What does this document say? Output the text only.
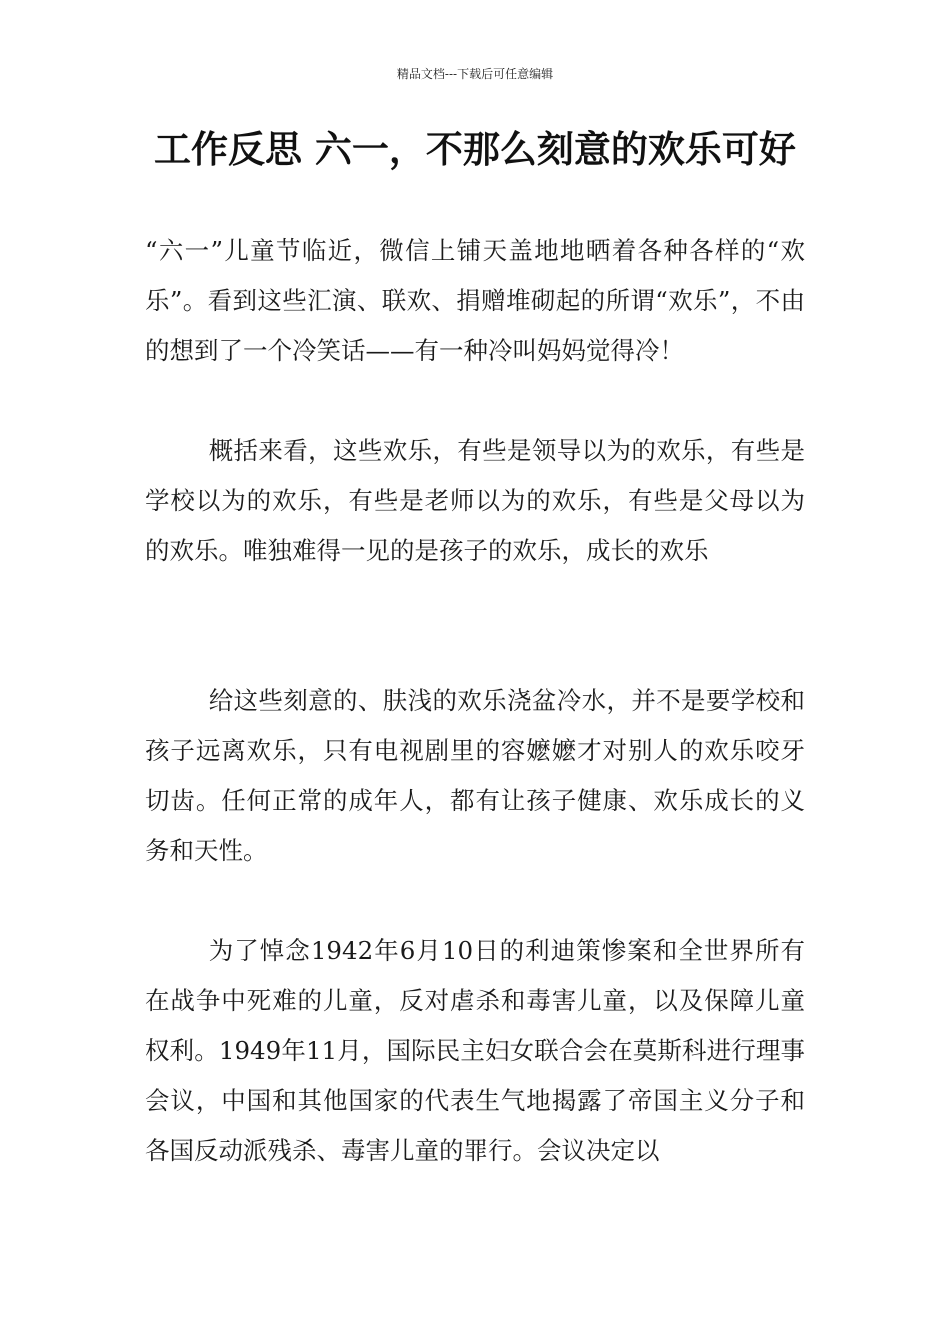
精品文档---下载后可任意编辑
工作反思 六一，不那么刻意的欢乐可好

“六一”儿童节临近，微信上铺天盖地地晒着各种各样的“欢乐”。看到这些汇演、联欢、捐赠堆砌起的所谓“欢乐”，不由的想到了一个冷笑话——有一种冷叫妈妈觉得冷！

概括来看，这些欢乐，有些是领导以为的欢乐，有些是学校以为的欢乐，有些是老师以为的欢乐，有些是父母以为的欢乐。唯独难得一见的是孩子的欢乐，成长的欢乐

给这些刻意的、肤浅的欢乐浇盆冷水，并不是要学校和孩子远离欢乐，只有电视剧里的容嬷嬷才对别人的欢乐咬牙切齿。任何正常的成年人，都有让孩子健康、欢乐成长的义务和天性。

为了悼念1942年6月10日的利迪策惨案和全世界所有在战争中死难的儿童，反对虐杀和毒害儿童，以及保障儿童权利。1949年11月，国际民主妇女联合会在莫斯科进行理事会议，中国和其他国家的代表生气地揭露了帝国主义分子和各国反动派残杀、毒害儿童的罪行。会议决定以
